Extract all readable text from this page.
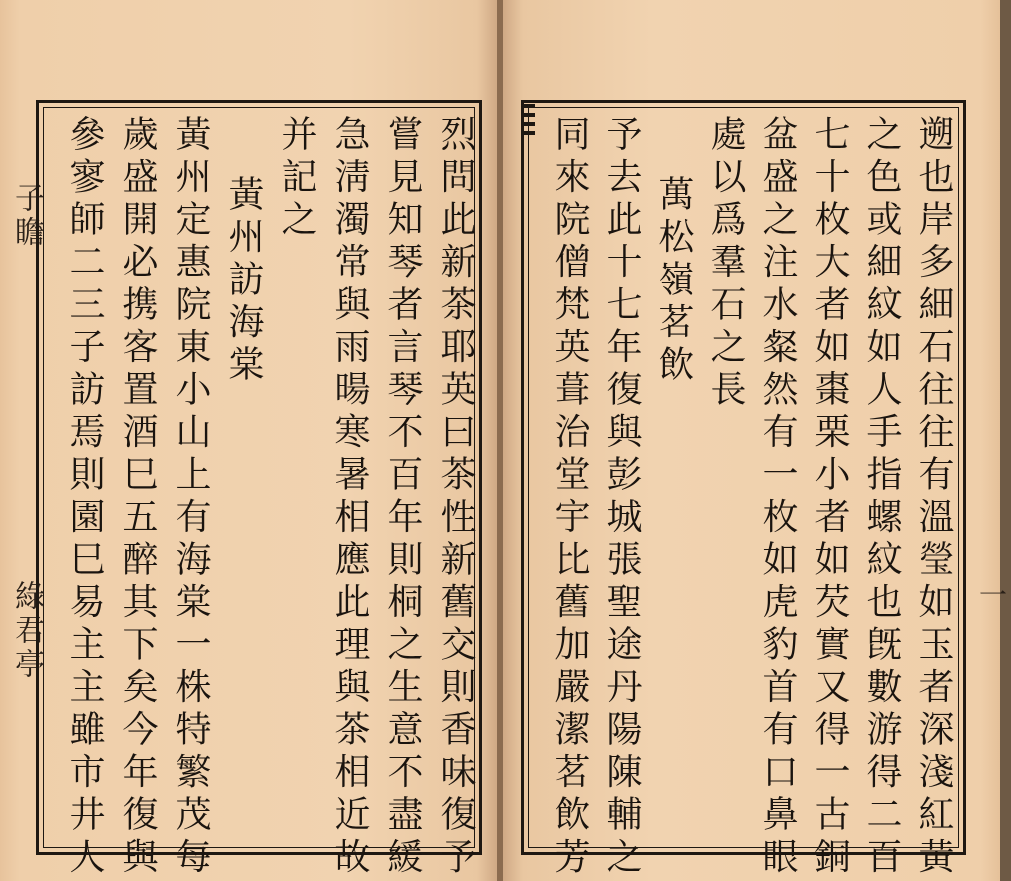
子瞻
綠君亭	烈問此新茶耶英曰茶性新舊交則香味復予
嘗見知琴者言琴不百年則桐之生意不盡緩
急淸濁常與雨暘寒暑相應此理與茶相近故
并記之
黃州訪海棠
黃州定惠院東小山上有海棠一株特繁茂每
歲盛開必携客置酒巳五醉其下矣今年復與
參寥師二三子訪焉則園巳易主主雖市井人	遡也岸多細石往往有溫瑩如玉者深淺紅黃
之色或細紋如人手指螺紋也旣數游得二百
七十枚大者如棗栗小者如芡實又得一古銅
盆盛之注水粲然有一枚如虎豹首有口鼻眼
處以爲羣石之長
萬松嶺茗飲
予去此十七年復與彭城張聖途丹陽陳輔之
同來院僧梵英葺治堂宇比舊加嚴潔茗飲芳	一
